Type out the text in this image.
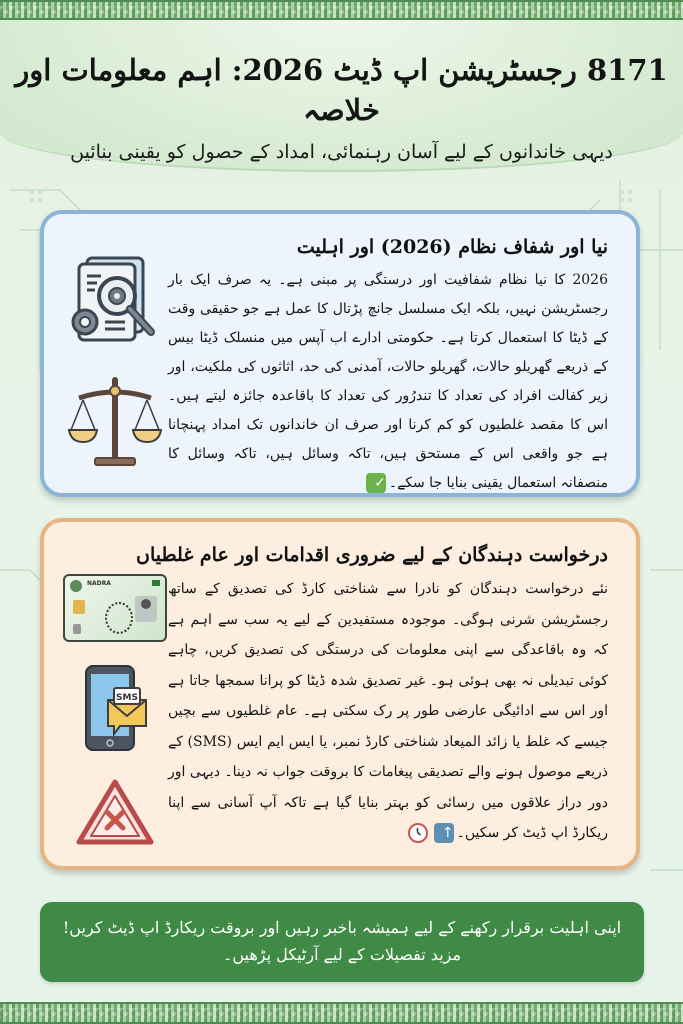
8171 رجسٹریشن اپ ڈیٹ 2026: اہم معلومات اور خلاصہ
دیہی خاندانوں کے لیے آسان رہنمائی، امداد کے حصول کو یقینی بنائیں
نیا اور شفاف نظام (2026) اور اہلیت

2026 کا نیا نظام شفافیت اور درستگی پر مبنی ہے۔ یہ صرف ایک بار رجسٹریشن نہیں، بلکہ ایک مسلسل جانچ پڑتال کا عمل ہے جو حقیقی وقت کے ڈیٹا کا استعمال کرتا ہے۔ حکومتی ادارے اب آپس میں منسلک ڈیٹا بیس کے ذریعے گھریلو حالات، گھریلو حالات، آمدنی کی حد، اثاثوں کی ملکیت، اور زیر کفالت افراد کی تعداد کا تندرُور کی تعداد کا باقاعدہ جائزہ لیتے ہیں۔ اس کا مقصد غلطیوں کو کم کرنا اور صرف ان خاندانوں تک امداد پہنچانا ہے جو واقعی اس کے مستحق ہیں، تاکہ وسائل ہیں، تاکہ وسائل کا منصفانہ استعمال یقینی بنایا جا سکے۔✓

درخواست دہندگان کے لیے ضروری اقدامات اور عام غلطیاں

نئے درخواست دہندگان کو نادرا سے شناختی کارڈ کی تصدیق کے ساتھ رجسٹریشن شرنی ہوگی۔ موجودہ مستفیدین کے لیے یہ سب سے اہم ہے کہ وہ باقاعدگی سے اپنی معلومات کی درستگی کی تصدیق کریں، چاہے کوئی تبدیلی نہ بھی ہوئی ہو۔ غیر تصدیق شدہ ڈیٹا کو پرانا سمجھا جاتا ہے اور اس سے ادائیگی عارضی طور پر رک سکتی ہے۔ عام غلطیوں سے بچیں جیسے کہ غلط یا زائد المیعاد شناختی کارڈ نمبر، یا ایس ایم ایس (SMS) کے ذریعے موصول ہونے والے تصدیقی پیغامات کا بروقت جواب نہ دینا۔ دیہی اور دور دراز علاقوں میں رسائی کو بہتر بنایا گیا ہے تاکہ آپ آسانی سے اپنا ریکارڈ اپ ڈیٹ کر سکیں۔↑

NADRA
SMS
اپنی اہلیت برقرار رکھنے کے لیے ہمیشہ باخبر رہیں اور بروقت ریکارڈ اپ ڈیٹ کریں!
مزید تفصیلات کے لیے آرٹیکل پڑھیں۔
